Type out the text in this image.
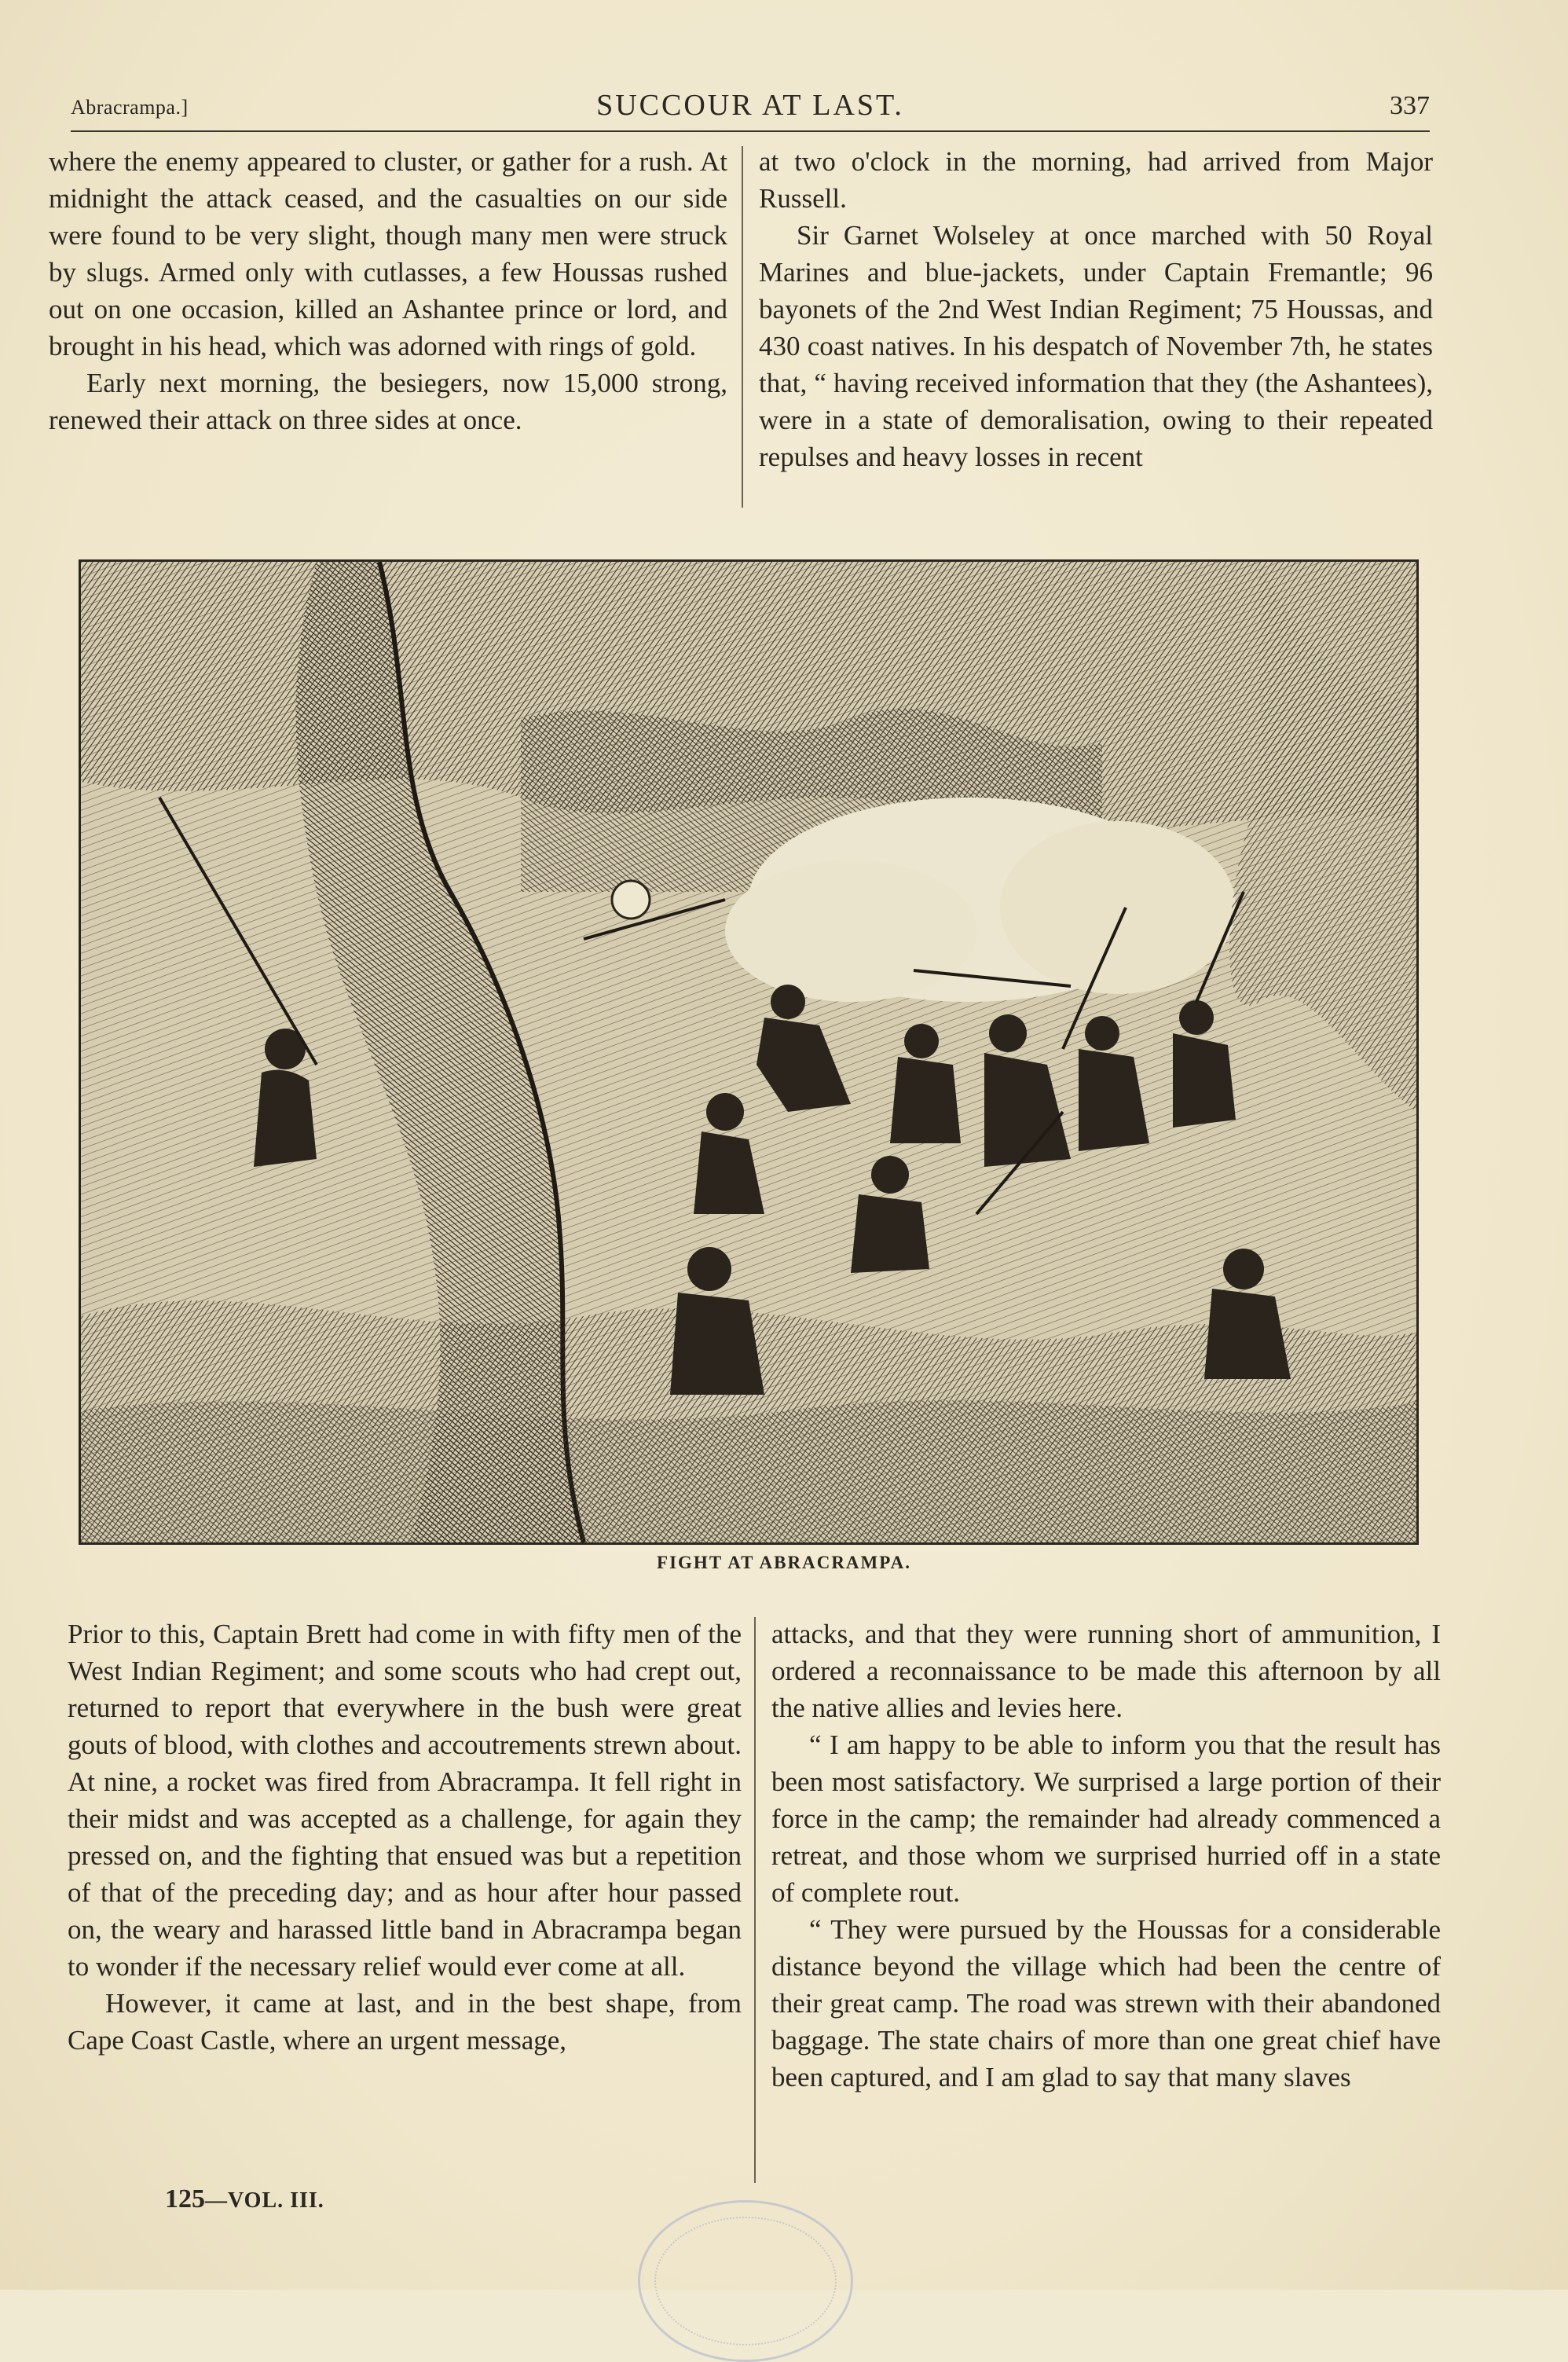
Abracrampa.]	SUCCOUR AT LAST.	337

where the enemy appeared to cluster, or gather for a rush. At midnight the attack ceased, and the casualties on our side were found to be very slight, though many men were struck by slugs. Armed only with cutlasses, a few Houssas rushed out on one occasion, killed an Ashantee prince or lord, and brought in his head, which was adorned with rings of gold.

Early next morning, the besiegers, now 15,000 strong, renewed their attack on three sides at once.

at two o'clock in the morning, had arrived from Major Russell.

Sir Garnet Wolseley at once marched with 50 Royal Marines and blue-jackets, under Captain Fremantle; 96 bayonets of the 2nd West Indian Regiment; 75 Houssas, and 430 coast natives. In his despatch of November 7th, he states that, “ having received information that they (the Ashantees), were in a state of demoralisation, owing to their repeated repulses and heavy losses in recent

FIGHT AT ABRACRAMPA.

Prior to this, Captain Brett had come in with fifty men of the West Indian Regiment; and some scouts who had crept out, returned to report that everywhere in the bush were great gouts of blood, with clothes and accoutrements strewn about. At nine, a rocket was fired from Abracrampa. It fell right in their midst and was accepted as a challenge, for again they pressed on, and the fighting that ensued was but a repetition of that of the preceding day; and as hour after hour passed on, the weary and harassed little band in Abracrampa began to wonder if the necessary relief would ever come at all.

However, it came at last, and in the best shape, from Cape Coast Castle, where an urgent message,

attacks, and that they were running short of ammunition, I ordered a reconnaissance to be made this afternoon by all the native allies and levies here.

“ I am happy to be able to inform you that the result has been most satisfactory. We surprised a large portion of their force in the camp; the remainder had already commenced a retreat, and those whom we surprised hurried off in a state of complete rout.

“ They were pursued by the Houssas for a considerable distance beyond the village which had been the centre of their great camp. The road was strewn with their abandoned baggage. The state chairs of more than one great chief have been captured, and I am glad to say that many slaves

125—VOL. III.
